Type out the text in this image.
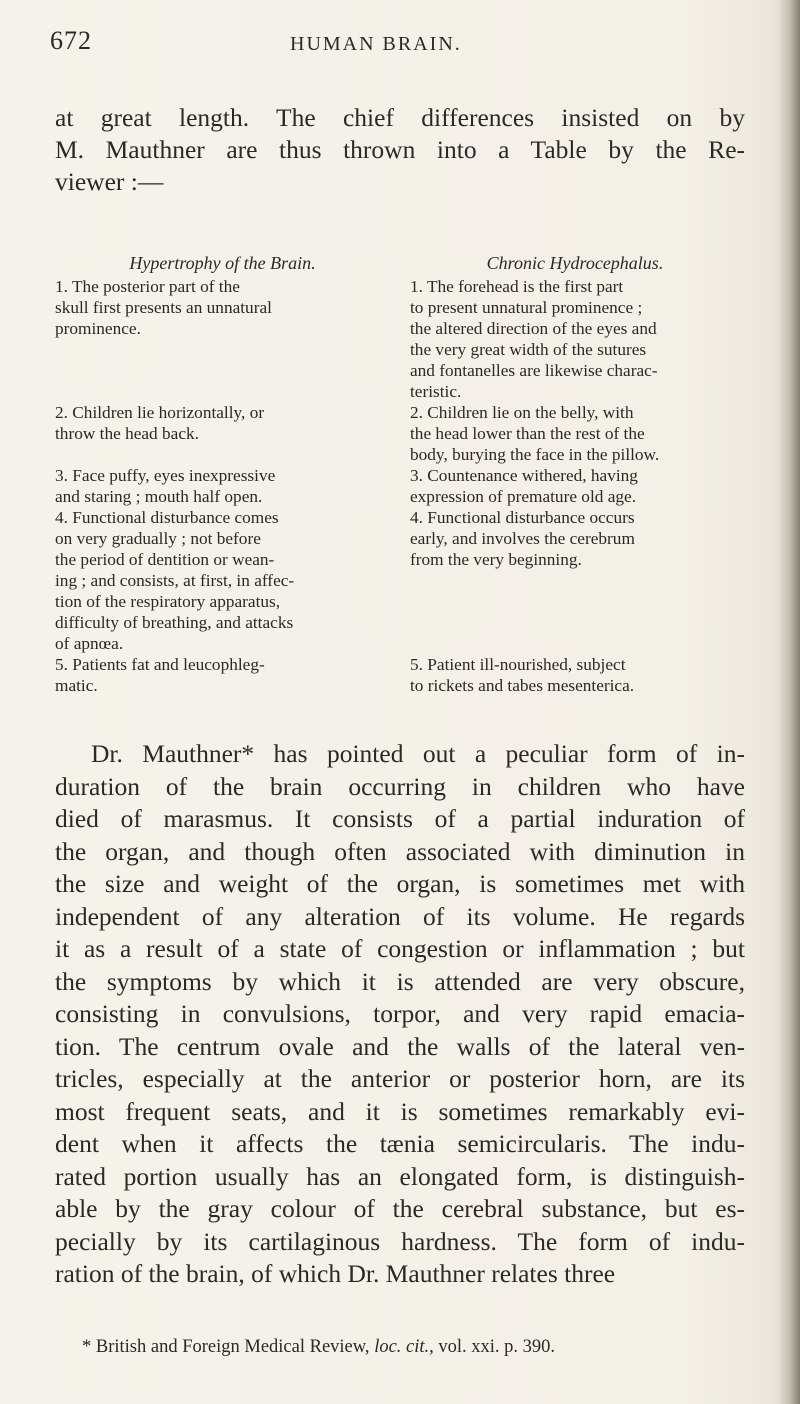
672	HUMAN BRAIN.
at great length. The chief differences insisted on by
M. Mauthner are thus thrown into a Table by the Re-
viewer :—
Hypertrophy of the Brain.
1. The posterior part of the
skull first presents an unnatural
prominence.
2. Children lie horizontally, or
throw the head back.
3. Face puffy, eyes inexpressive
and staring ; mouth half open.
4. Functional disturbance comes
on very gradually ; not before
the period of dentition or wean-
ing ; and consists, at first, in affec-
tion of the respiratory apparatus,
difficulty of breathing, and attacks
of apnœa.
5. Patients fat and leucophleg-
matic.
Chronic Hydrocephalus.
1. The forehead is the first part
to present unnatural prominence ;
the altered direction of the eyes and
the very great width of the sutures
and fontanelles are likewise charac-
teristic.
2. Children lie on the belly, with
the head lower than the rest of the
body, burying the face in the pillow.
3. Countenance withered, having
expression of premature old age.
4. Functional disturbance occurs
early, and involves the cerebrum
from the very beginning.
5. Patient ill-nourished, subject
to rickets and tabes mesenterica.
Dr. Mauthner* has pointed out a peculiar form of in-
duration of the brain occurring in children who have
died of marasmus. It consists of a partial induration of
the organ, and though often associated with diminution in
the size and weight of the organ, is sometimes met with
independent of any alteration of its volume. He regards
it as a result of a state of congestion or inflammation ; but
the symptoms by which it is attended are very obscure,
consisting in convulsions, torpor, and very rapid emacia-
tion. The centrum ovale and the walls of the lateral ven-
tricles, especially at the anterior or posterior horn, are its
most frequent seats, and it is sometimes remarkably evi-
dent when it affects the tænia semicircularis. The indu-
rated portion usually has an elongated form, is distinguish-
able by the gray colour of the cerebral substance, but es-
pecially by its cartilaginous hardness. The form of indu-
ration of the brain, of which Dr. Mauthner relates three
* British and Foreign Medical Review, loc. cit., vol. xxi. p. 390.
